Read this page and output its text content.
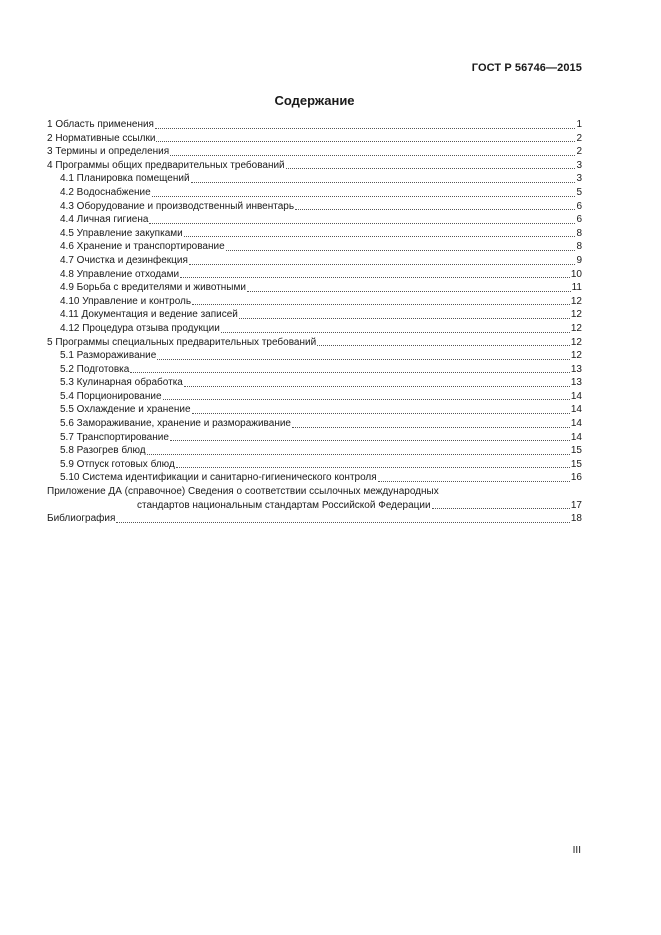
ГОСТ Р 56746—2015
Содержание
1 Область применения	1
2 Нормативные ссылки	2
3 Термины и определения	2
4 Программы общих предварительных требований	3
4.1 Планировка помещений	3
4.2 Водоснабжение	5
4.3 Оборудование и производственный инвентарь	6
4.4 Личная гигиена	6
4.5 Управление закупками	8
4.6 Хранение и транспортирование	8
4.7 Очистка и дезинфекция	9
4.8 Управление отходами	10
4.9 Борьба с вредителями и животными	11
4.10 Управление и контроль	12
4.11 Документация и ведение записей	12
4.12 Процедура отзыва продукции	12
5 Программы специальных предварительных требований	12
5.1 Размораживание	12
5.2 Подготовка	13
5.3 Кулинарная обработка	13
5.4 Порционирование	14
5.5 Охлаждение и хранение	14
5.6 Замораживание, хранение и размораживание	14
5.7 Транспортирование	14
5.8 Разогрев блюд	15
5.9 Отпуск готовых блюд	15
5.10 Система идентификации и санитарно-гигиенического контроля	16
Приложение ДА (справочное) Сведения о соответствии ссылочных международных
стандартов национальным стандартам Российской Федерации	17
Библиография	18
III
